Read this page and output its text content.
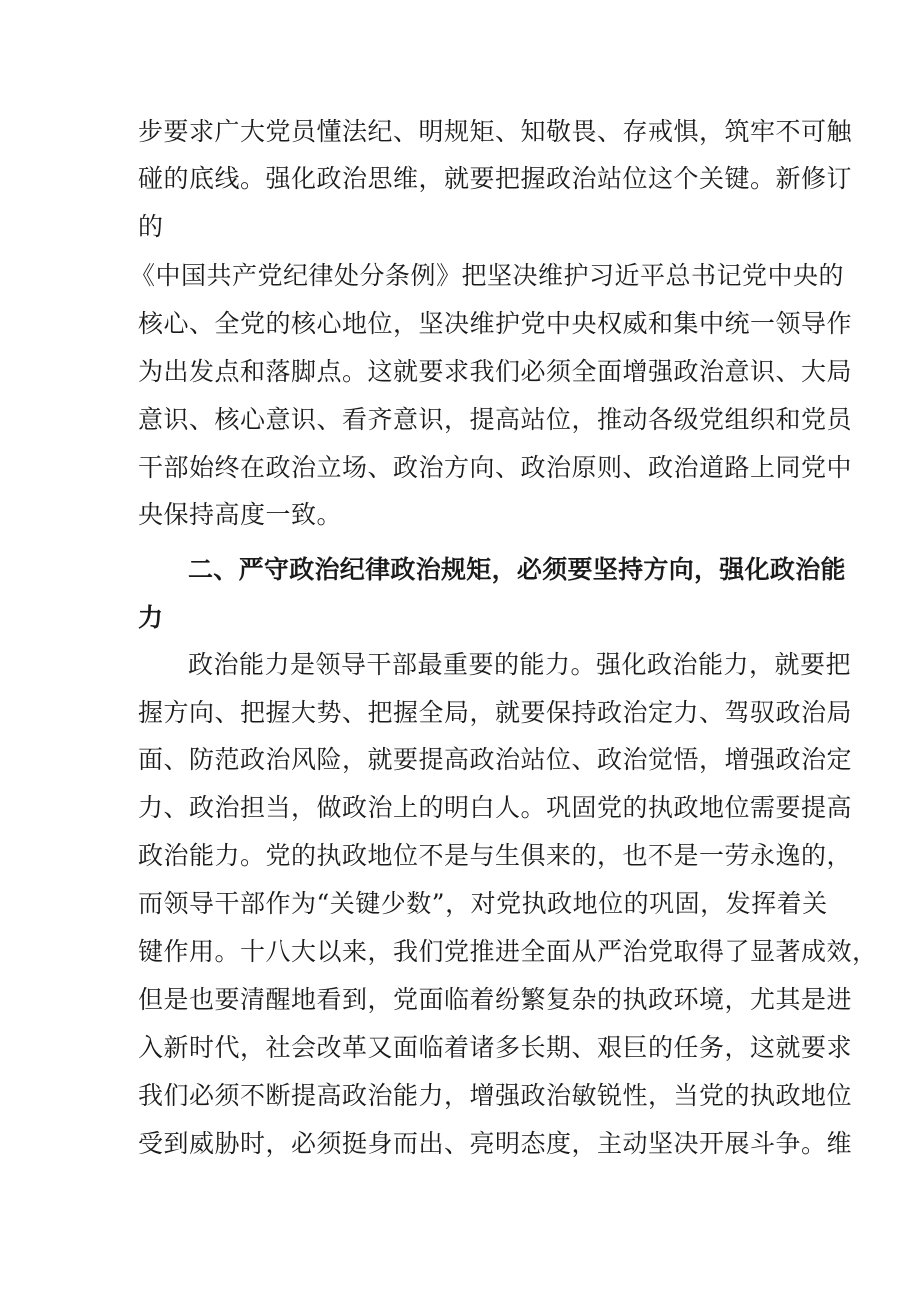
步要求广大党员懂法纪、明规矩、知敬畏、存戒惧，筑牢不可触
碰的底线。强化政治思维，就要把握政治站位这个关键。新修订
的
《中国共产党纪律处分条例》把坚决维护习近平总书记党中央的
核心、全党的核心地位，坚决维护党中央权威和集中统一领导作
为出发点和落脚点。这就要求我们必须全面增强政治意识、大局
意识、核心意识、看齐意识，提高站位，推动各级党组织和党员
干部始终在政治立场、政治方向、政治原则、政治道路上同党中
央保持高度一致。
二、严守政治纪律政治规矩，必须要坚持方向，强化政治能
力
政治能力是领导干部最重要的能力。强化政治能力，就要把
握方向、把握大势、把握全局，就要保持政治定力、驾驭政治局
面、防范政治风险，就要提高政治站位、政治觉悟，增强政治定
力、政治担当，做政治上的明白人。巩固党的执政地位需要提高
政治能力。党的执政地位不是与生俱来的，也不是一劳永逸的，
而领导干部作为“关键少数”，对党执政地位的巩固，发挥着关
键作用。十八大以来，我们党推进全面从严治党取得了显著成效，
但是也要清醒地看到，党面临着纷繁复杂的执政环境，尤其是进
入新时代，社会改革又面临着诸多长期、艰巨的任务，这就要求
我们必须不断提高政治能力，增强政治敏锐性，当党的执政地位
受到威胁时，必须挺身而出、亮明态度，主动坚决开展斗争。维
